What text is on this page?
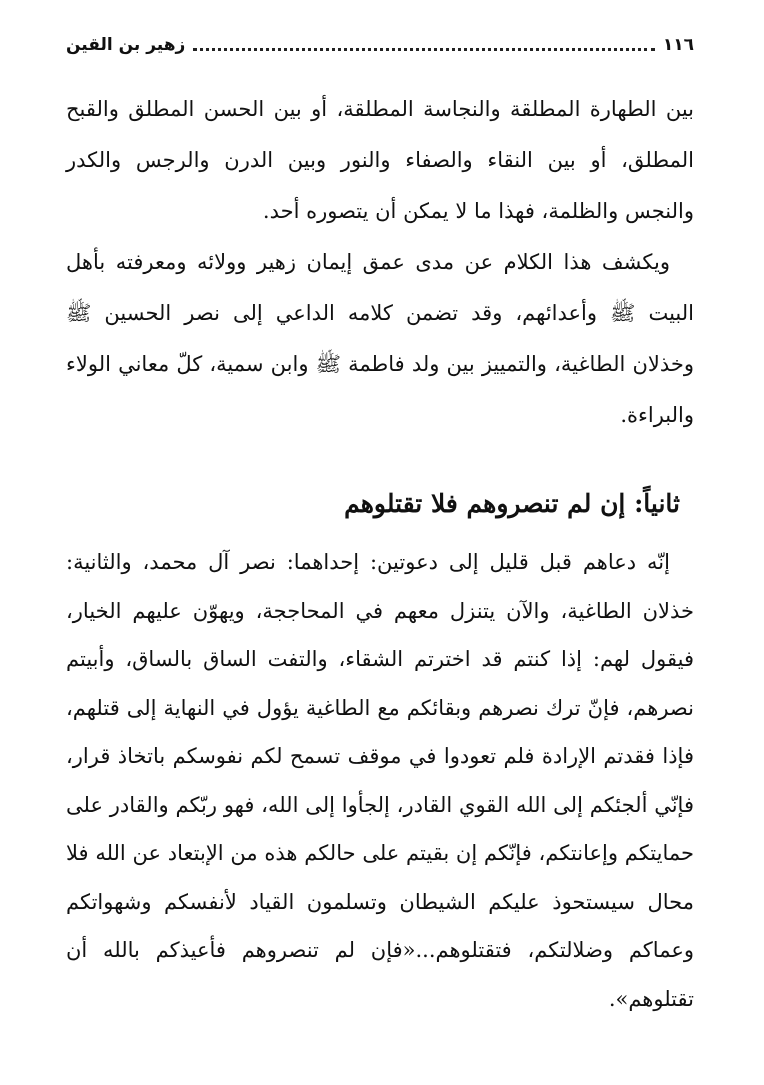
١١٦
زهير بن القين

بين الطهارة المطلقة والنجاسة المطلقة، أو بين الحسن المطلق والقبح المطلق، أو بين النقاء والصفاء والنور وبين الدرن والرجس والكدر والنجس والظلمة، فهذا ما لا يمكن أن يتصوره أحد.

ويكشف هذا الكلام عن مدى عمق إيمان زهير وولائه ومعرفته بأهل البيت ﷺ وأعدائهم، وقد تضمن كلامه الداعي إلى نصر الحسين ﷺ وخذلان الطاغية، والتمييز بين ولد فاطمة ﷺ وابن سمية، كلّ معاني الولاء والبراءة.

ثانياً: إن لم تنصروهم فلا تقتلوهم

إنّه دعاهم قبل قليل إلى دعوتين: إحداهما: نصر آل محمد، والثانية: خذلان الطاغية، والآن يتنزل معهم في المحاججة، ويهوّن عليهم الخيار، فيقول لهم: إذا كنتم قد اخترتم الشقاء، والتفت الساق بالساق، وأبيتم نصرهم، فإنّ ترك نصرهم وبقائكم مع الطاغية يؤول في النهاية إلى قتلهم، فإذا فقدتم الإرادة فلم تعودوا في موقف تسمح لكم نفوسكم باتخاذ قرار، فإنّي ألجئكم إلى الله القوي القادر، إلجأوا إلى الله، فهو ربّكم والقادر على حمايتكم وإعانتكم، فإنّكم إن بقيتم على حالكم هذه من الإبتعاد عن الله فلا محال سيستحوذ عليكم الشيطان وتسلمون القياد لأنفسكم وشهواتكم وعماكم وضلالتكم، فتقتلوهم...«فإن لم تنصروهم فأعيذكم بالله أن تقتلوهم».
